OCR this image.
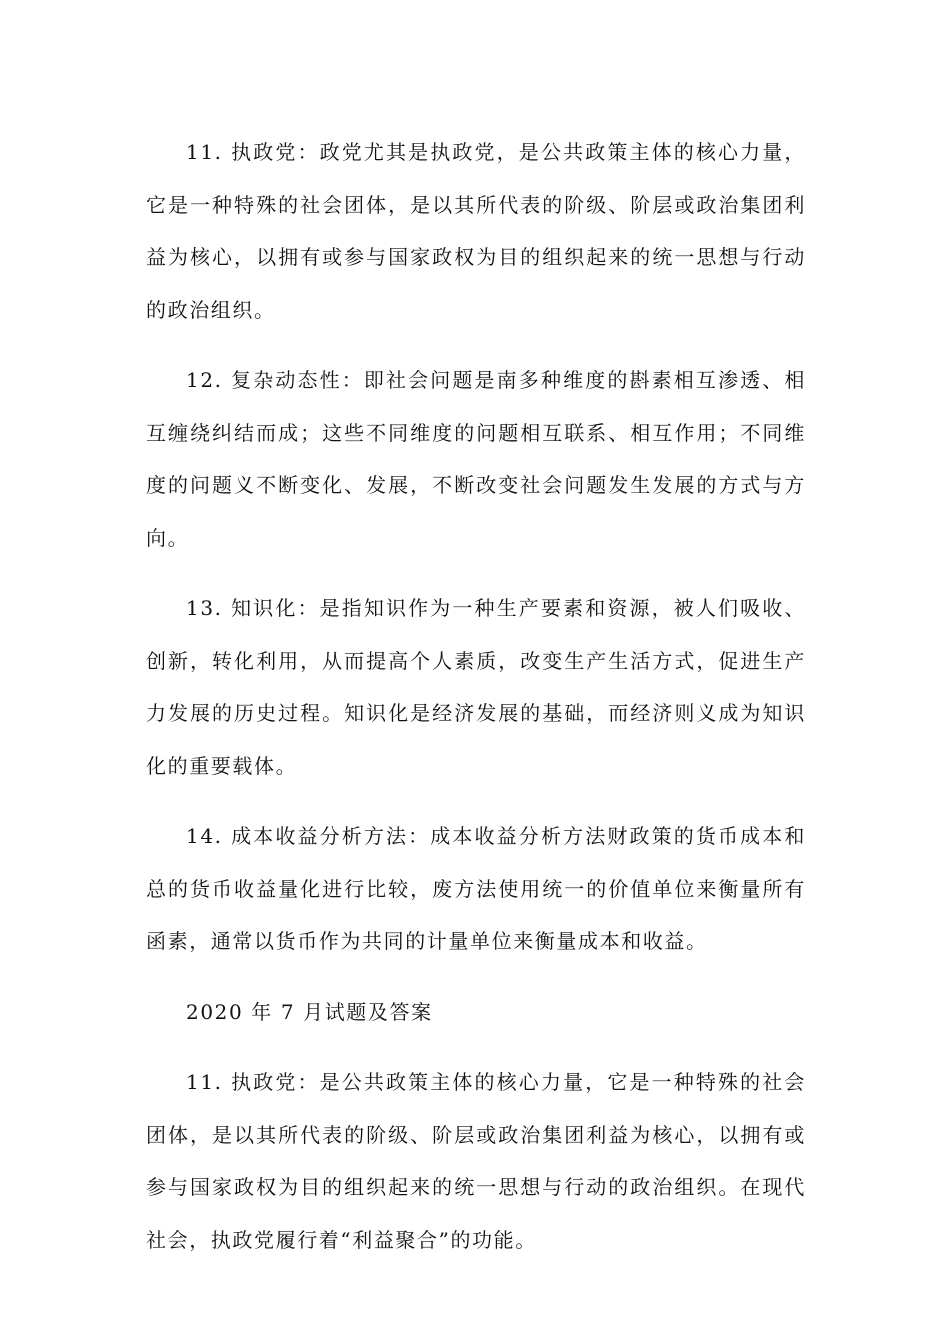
11. 执政党：政党尤其是执政党，是公共政策主体的核心力量，它是一种特殊的社会团体，是以其所代表的阶级、阶层或政治集团利益为核心，以拥有或参与国家政权为目的组织起来的统一思想与行动的政治组织。

12. 复杂动态性：即社会问题是南多种维度的斟素相互渗透、相互缠绕纠结而成；这些不同维度的问题相互联系、相互作用；不同维度的问题义不断变化、发展，不断改变社会问题发生发展的方式与方向。

13. 知识化：是指知识作为一种生产要素和资源，被人们吸收、创新，转化利用，从而提高个人素质，改变生产生活方式，促进生产力发展的历史过程。知识化是经济发展的基础，而经济则义成为知识化的重要载体。

14. 成本收益分析方法：成本收益分析方法财政策的货币成本和总的货币收益量化进行比较，废方法使用统一的价值单位来衡量所有函素，通常以货币作为共同的计量单位来衡量成本和收益。

2020 年 7 月试题及答案

11. 执政党：是公共政策主体的核心力量，它是一种特殊的社会团体，是以其所代表的阶级、阶层或政治集团利益为核心，以拥有或参与国家政权为目的组织起来的统一思想与行动的政治组织。在现代社会，执政党履行着“利益聚合”的功能。
